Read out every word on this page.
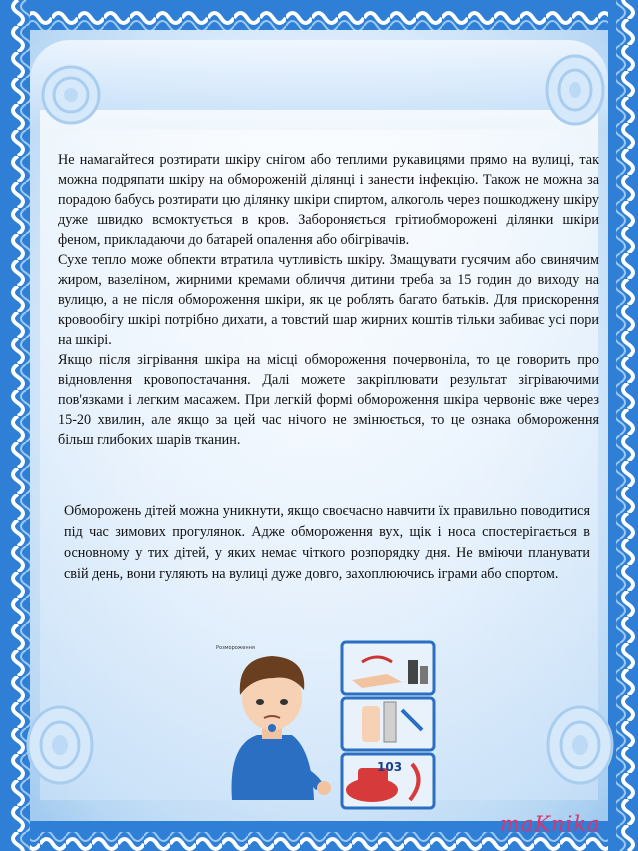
Не намагайтеся розтирати шкіру снігом або теплими рукавицями прямо на вулиці, так можна подряпати шкіру на обмороженій ділянці і занести інфекцію. Також не можна за порадою бабусь розтирати цю ділянку шкіри спиртом, алкоголь через пошкоджену шкіру дуже швидко всмоктується в кров. Забороняється грітиобморожені ділянки шкіри феном, прикладаючи до батарей опалення або обігрівачів.

Сухе тепло може обпекти втратила чутливість шкіру. Змащувати гусячим або свинячим жиром, вазеліном, жирними кремами обличчя дитини треба за 15 годин до виходу на вулицю, а не після обмороження шкіри, як це роблять багато батьків. Для прискорення кровообігу шкірі потрібно дихати, а товстий шар жирних коштів тільки забиває усі пори на шкірі.

Якщо після зігрівання шкіра на місці обмороження почервоніла, то це говорить про відновлення кровопостачання. Далі можете закріплювати результат зігріваючими пов'язками і легким масажем. При легкій формі обмороження шкіра червоніє вже через 15-20 хвилин, але якщо за цей час нічого не змінюється, то це ознака обмороження більш глибоких шарів тканин.

Обморожень дітей можна уникнути, якщо своєчасно навчити їх правильно поводитися під час зимових прогулянок. Адже обмороження вух, щік і носа спостерігається в основному у тих дітей, у яких немає чіткого розпорядку дня. Не вміючи планувати свій день, вони гуляють на вулиці дуже довго, захоплюючись іграми або спортом.

Розмороження
103
maKnika
